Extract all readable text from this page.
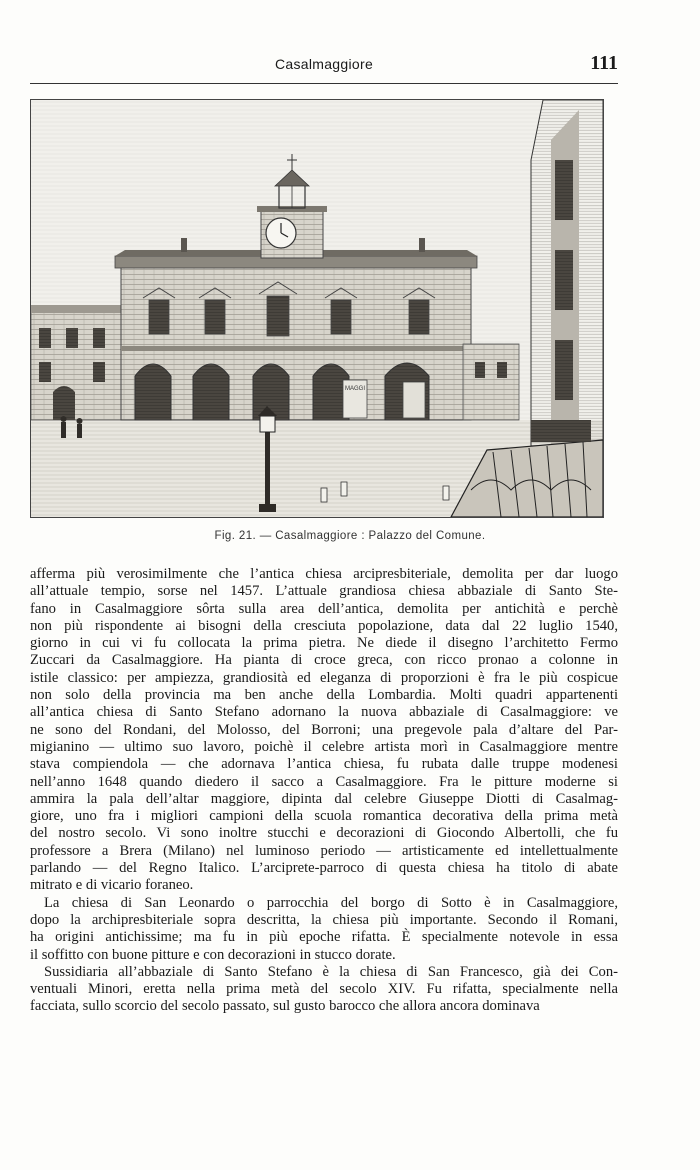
Casalmaggiore	111
MAGGI
Fig. 21. — Casalmaggiore : Palazzo del Comune.
afferma più verosimilmente che l’antica chiesa arcipresbiteriale, demolita per dar luogo
all’attuale tempio, sorse nel 1457. L’attuale grandiosa chiesa abbaziale di Santo Ste-
fano in Casalmaggiore sôrta sulla area dell’antica, demolita per antichità e perchè
non più rispondente ai bisogni della cresciuta popolazione, data dal 22 luglio 1540,
giorno in cui vi fu collocata la prima pietra. Ne diede il disegno l’architetto Fermo
Zuccari da Casalmaggiore. Ha pianta di croce greca, con ricco pronao a colonne in
istile classico: per ampiezza, grandiosità ed eleganza di proporzioni è fra le più cospicue
non solo della provincia ma ben anche della Lombardia. Molti quadri appartenenti
all’antica chiesa di Santo Stefano adornano la nuova abbaziale di Casalmaggiore: ve
ne sono del Rondani, del Molosso, del Borroni; una pregevole pala d’altare del Par-
migianino — ultimo suo lavoro, poichè il celebre artista morì in Casalmaggiore mentre
stava compiendola — che adornava l’antica chiesa, fu rubata dalle truppe modenesi
nell’anno 1648 quando diedero il sacco a Casalmaggiore. Fra le pitture moderne si
ammira la pala dell’altar maggiore, dipinta dal celebre Giuseppe Diotti di Casalmag-
giore, uno fra i migliori campioni della scuola romantica decorativa della prima metà
del nostro secolo. Vi sono inoltre stucchi e decorazioni di Giocondo Albertolli, che fu
professore a Brera (Milano) nel luminoso periodo — artisticamente ed intellettualmente
parlando — del Regno Italico. L’arciprete-parroco di questa chiesa ha titolo di abate
mitrato e di vicario foraneo.
La chiesa di San Leonardo o parrocchia del borgo di Sotto è in Casalmaggiore,
dopo la archipresbiteriale sopra descritta, la chiesa più importante. Secondo il Romani,
ha origini antichissime; ma fu in più epoche rifatta. È specialmente notevole in essa
il soffitto con buone pitture e con decorazioni in stucco dorate.
Sussidiaria all’abbaziale di Santo Stefano è la chiesa di San Francesco, già dei Con-
ventuali Minori, eretta nella prima metà del secolo XIV. Fu rifatta, specialmente nella
facciata, sullo scorcio del secolo passato, sul gusto barocco che allora ancora dominava
